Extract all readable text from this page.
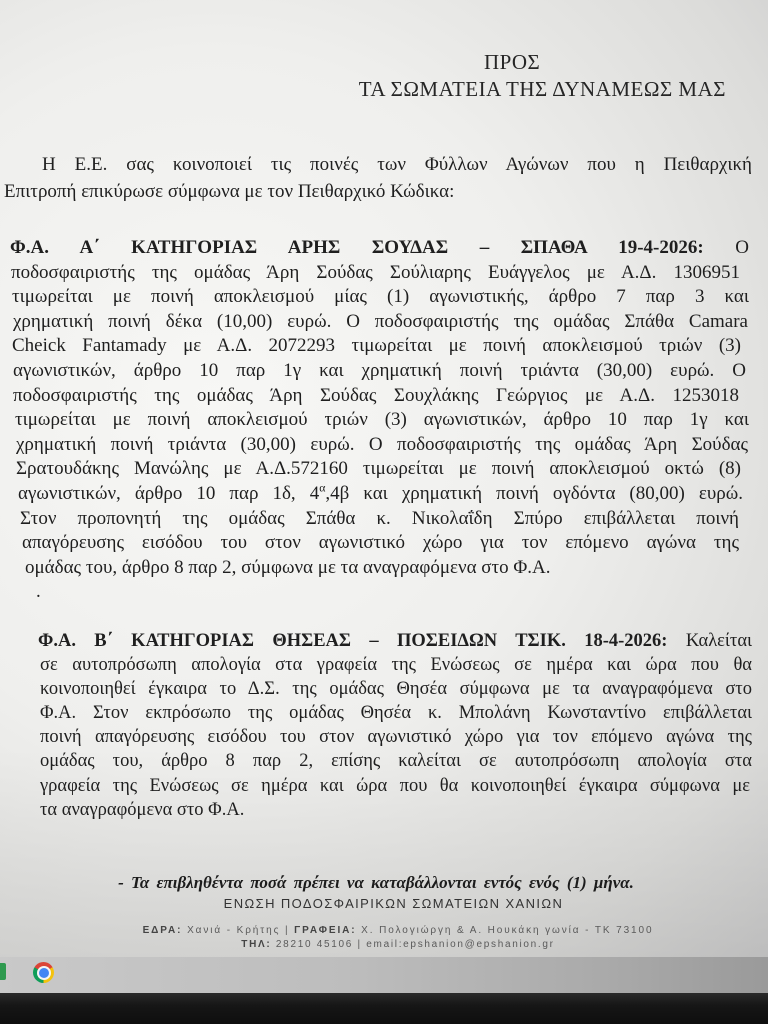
ΠΡΟΣ
ΤΑ ΣΩΜΑΤΕΙΑ ΤΗΣ ΔΥΝΑΜΕΩΣ ΜΑΣ
Η Ε.Ε. σας κοινοποιεί τις ποινές των Φύλλων Αγώνων που η Πειθαρχική
Επιτροπή επικύρωσε σύμφωνα με τον Πειθαρχικό Κώδικα:
Φ.Α. Α΄ ΚΑΤΗΓΟΡΙΑΣ ΑΡΗΣ ΣΟΥΔΑΣ – ΣΠΑΘΑ 19-4-2026: Ο
ποδοσφαιριστής της ομάδας Άρη Σούδας Σούλιαρης Ευάγγελος με Α.Δ. 1306951
τιμωρείται με ποινή αποκλεισμού μίας (1) αγωνιστικής, άρθρο 7 παρ 3 και
χρηματική ποινή δέκα (10,00) ευρώ. Ο ποδοσφαιριστής της ομάδας Σπάθα Camara
Cheick Fantamady με Α.Δ. 2072293 τιμωρείται με ποινή αποκλεισμού τριών (3)
αγωνιστικών, άρθρο 10 παρ 1γ και χρηματική ποινή τριάντα (30,00) ευρώ. Ο
ποδοσφαιριστής της ομάδας Άρη Σούδας Σουχλάκης Γεώργιος με Α.Δ. 1253018
τιμωρείται με ποινή αποκλεισμού τριών (3) αγωνιστικών, άρθρο 10 παρ 1γ και
χρηματική ποινή τριάντα (30,00) ευρώ. Ο ποδοσφαιριστής της ομάδας Άρη Σούδας
Σρατουδάκης Μανώλης με Α.Δ.572160 τιμωρείται με ποινή αποκλεισμού οκτώ (8)
αγωνιστικών, άρθρο 10 παρ 1δ, $4^\alpha,4\beta$ και χρηματική ποινή ογδόντα (80,00) ευρώ.
Στον προπονητή της ομάδας Σπάθα κ. Νικολαΐδη Σπύρο επιβάλλεται ποινή
απαγόρευσης εισόδου του στον αγωνιστικό χώρο για τον επόμενο αγώνα της
ομάδας του, άρθρο 8 παρ 2, σύμφωνα με τα αναγραφόμενα στο Φ.Α.
.
Φ.Α. Β΄ ΚΑΤΗΓΟΡΙΑΣ ΘΗΣΕΑΣ – ΠΟΣΕΙΔΩΝ ΤΣΙΚ. 18-4-2026: Καλείται
σε αυτοπρόσωπη απολογία στα γραφεία της Ενώσεως σε ημέρα και ώρα που θα
κοινοποιηθεί έγκαιρα το Δ.Σ. της ομάδας Θησέα σύμφωνα με τα αναγραφόμενα στο
Φ.Α. Στον εκπρόσωπο της ομάδας Θησέα κ. Μπολάνη Κωνσταντίνο επιβάλλεται
ποινή απαγόρευσης εισόδου του στον αγωνιστικό χώρο για τον επόμενο αγώνα της
ομάδας του, άρθρο 8 παρ 2, επίσης καλείται σε αυτοπρόσωπη απολογία στα
γραφεία της Ενώσεως σε ημέρα και ώρα που θα κοινοποιηθεί έγκαιρα σύμφωνα με
τα αναγραφόμενα στο Φ.Α.
- Τα επιβληθέντα ποσά πρέπει να καταβάλλονται εντός ενός (1) μήνα.
ΕΝΩΣΗ ΠΟΔΟΣΦΑΙΡΙΚΩΝ ΣΩΜΑΤΕΙΩΝ ΧΑΝΙΩΝ
ΕΔΡΑ: Χανιά - Κρήτης | ΓΡΑΦΕΙΑ: Χ. Πολογιώργη & Α. Ηουκάκη γωνία - ΤΚ 73100
ΤΗΛ: 28210 45106 | email:epshanion@epshanion.gr
